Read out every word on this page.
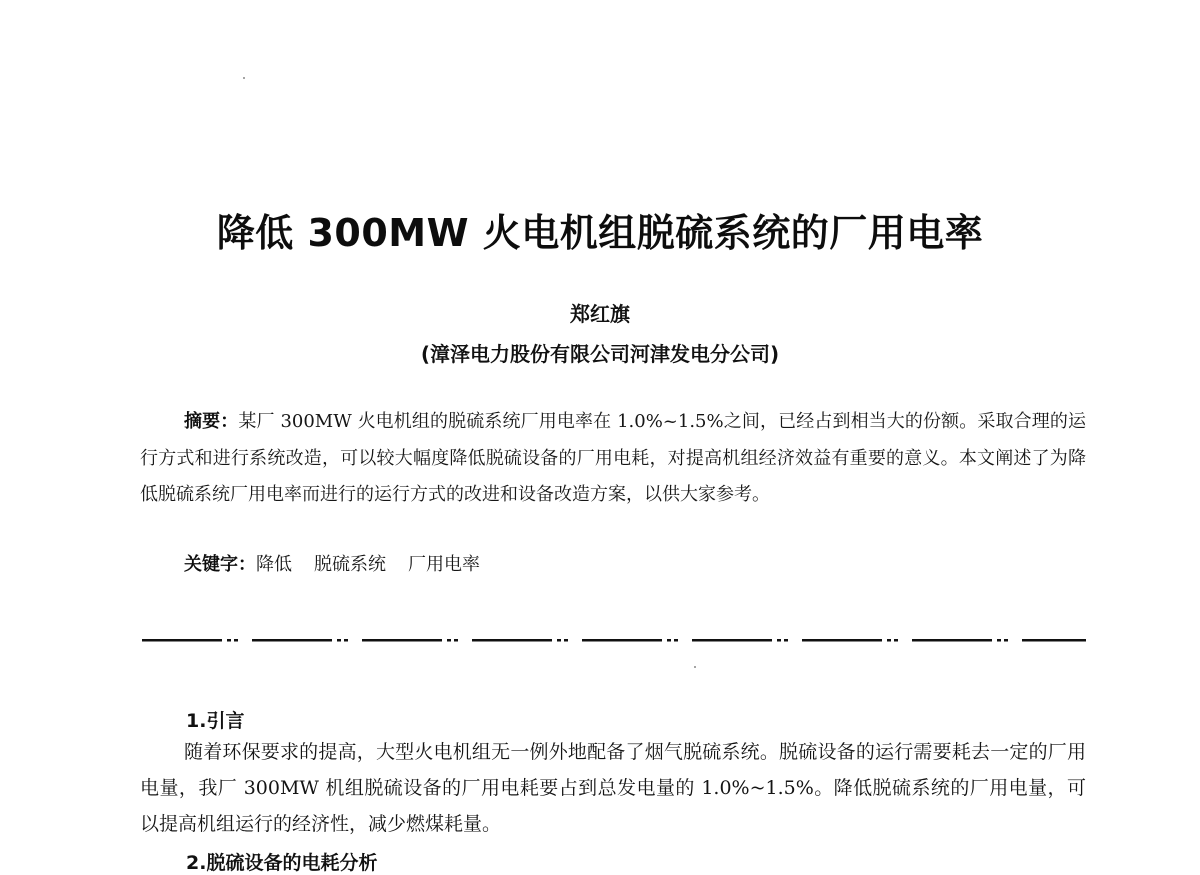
降低 300MW 火电机组脱硫系统的厂用电率
郑红旗
(漳泽电力股份有限公司河津发电分公司)

摘要：某厂 300MW 火电机组的脱硫系统厂用电率在 1.0%~1.5%之间，已经占到相当大的份额。采取合理的运行方式和进行系统改造，可以较大幅度降低脱硫设备的厂用电耗，对提高机组经济效益有重要的意义。本文阐述了为降低脱硫系统厂用电率而进行的运行方式的改进和设备改造方案，以供大家参考。

关键字：降低 脱硫系统 厂用电率

1.引言

随着环保要求的提高，大型火电机组无一例外地配备了烟气脱硫系统。脱硫设备的运行需要耗去一定的厂用电量，我厂 300MW 机组脱硫设备的厂用电耗要占到总发电量的 1.0%~1.5%。降低脱硫系统的厂用电量，可以提高机组运行的经济性，减少燃煤耗量。

2.脱硫设备的电耗分析
